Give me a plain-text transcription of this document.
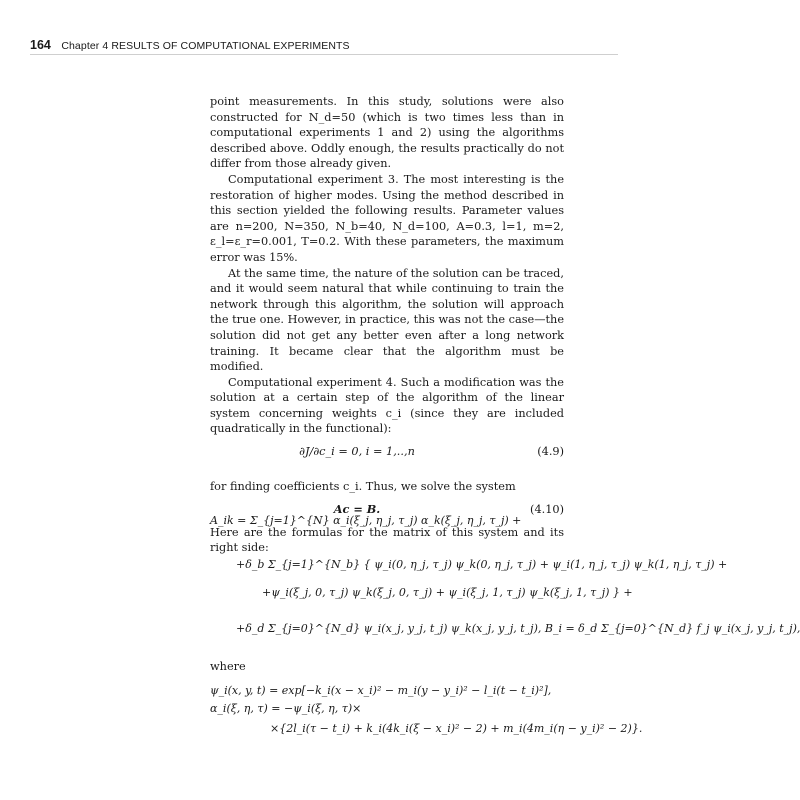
164 Chapter 4 RESULTS OF COMPUTATIONAL EXPERIMENTS

point measurements. In this study, solutions were also constructed for N_d=50 (which is two times less than in computational experiments 1 and 2) using the algorithms described above. Oddly enough, the results practically do not differ from those already given.

Computational experiment 3. The most interesting is the restoration of higher modes. Using the method described in this section yielded the following results. Parameter values are n=200, N=350, N_b=40, N_d=100, A=0.3, l=1, m=2, ε_l=ε_r=0.001, T=0.2. With these parameters, the maximum error was 15%.

At the same time, the nature of the solution can be traced, and it would seem natural that while continuing to train the network through this algorithm, the solution will approach the true one. However, in practice, this was not the case—the solution did not get any better even after a long network training. It became clear that the algorithm must be modified.

Computational experiment 4. Such a modification was the solution at a certain step of the algorithm of the linear system concerning weights c_i (since they are included quadratically in the functional):

∂J/∂c_i = 0, i = 1,..,n	(4.9)

for finding coefficients c_i. Thus, we solve the system

Ac = B.	(4.10)

Here are the formulas for the matrix of this system and its right side:

A_ik = Σ_{j=1}^{N} α_i(ξ_j, η_j, τ_j) α_k(ξ_j, η_j, τ_j) +
+δ_b Σ_{j=1}^{N_b} { ψ_i(0, η_j, τ_j) ψ_k(0, η_j, τ_j) + ψ_i(1, η_j, τ_j) ψ_k(1, η_j, τ_j) +
+ψ_i(ξ_j, 0, τ_j) ψ_k(ξ_j, 0, τ_j) + ψ_i(ξ_j, 1, τ_j) ψ_k(ξ_j, 1, τ_j) } +
+δ_d Σ_{j=0}^{N_d} ψ_i(x_j, y_j, t_j) ψ_k(x_j, y_j, t_j), B_i = δ_d Σ_{j=0}^{N_d} f_j ψ_i(x_j, y_j, t_j),
where
ψ_i(x, y, t) = exp[−k_i(x − x_i)² − m_i(y − y_i)² − l_i(t − t_i)²],
α_i(ξ, η, τ) = −ψ_i(ξ, η, τ)×
×{2l_i(τ − t_i) + k_i(4k_i(ξ − x_i)² − 2) + m_i(4m_i(η − y_i)² − 2)}.
